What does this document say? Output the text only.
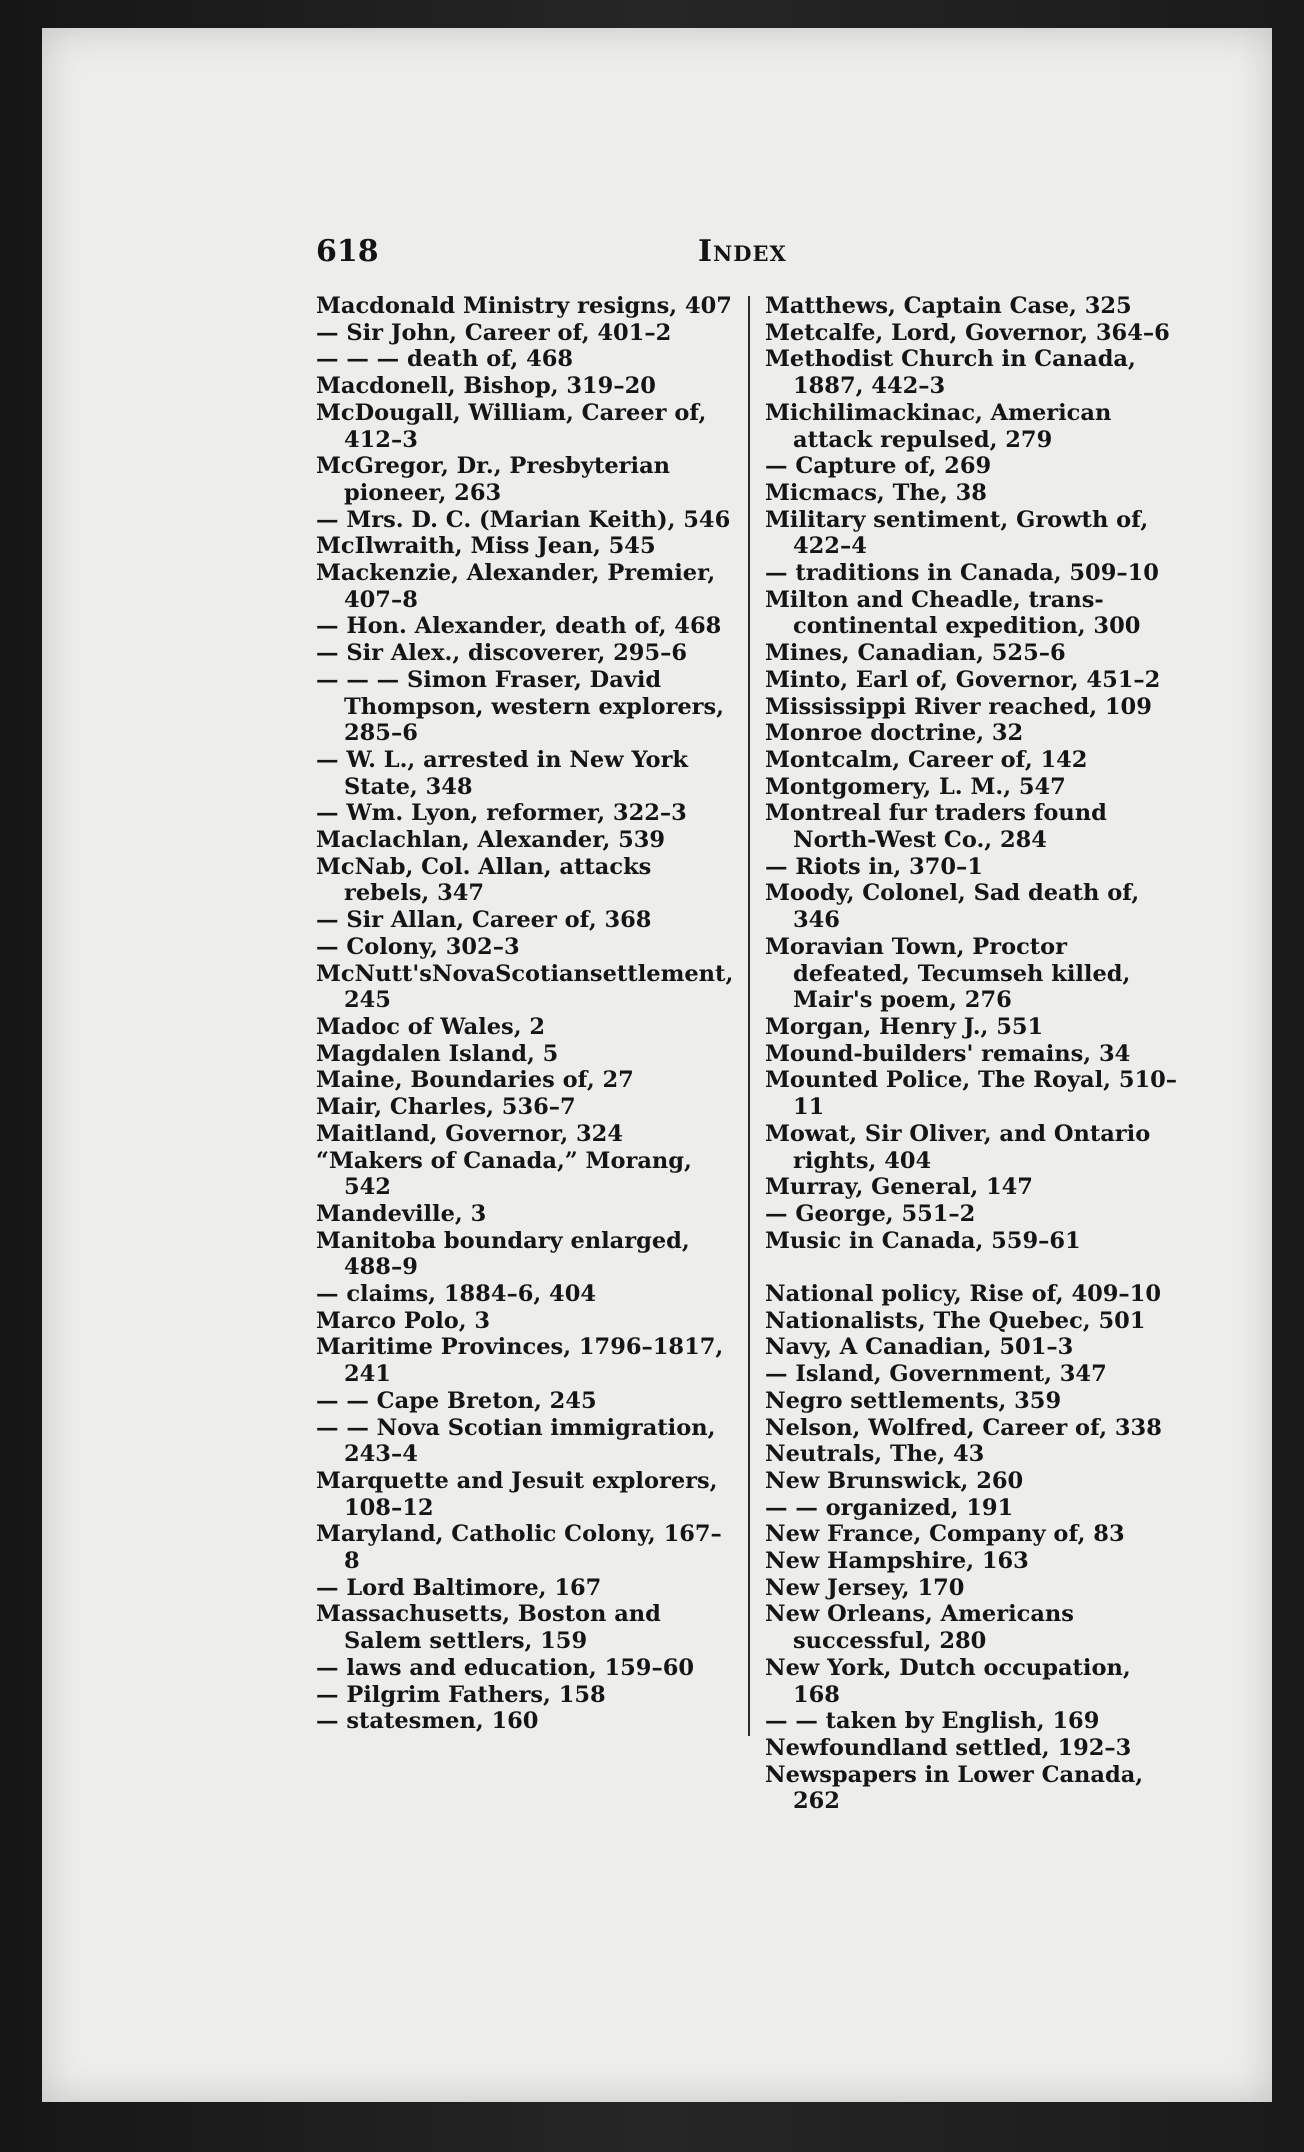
618	Index
Macdonald Ministry resigns, 407
— Sir John, Career of, 401–2
— — — death of, 468
Macdonell, Bishop, 319–20
McDougall, William, Career of, 412–3
McGregor, Dr., Presbyterian pioneer, 263
— Mrs. D. C. (Marian Keith), 546
McIlwraith, Miss Jean, 545
Mackenzie, Alexander, Premier, 407–8
— Hon. Alexander, death of, 468
— Sir Alex., discoverer, 295–6
— — — Simon Fraser, David Thompson, western explorers, 285–6
— W. L., arrested in New York State, 348
— Wm. Lyon, reformer, 322–3
Maclachlan, Alexander, 539
McNab, Col. Allan, attacks rebels, 347
— Sir Allan, Career of, 368
— Colony, 302–3
McNutt'sNovaScotiansettlement, 245
Madoc of Wales, 2
Magdalen Island, 5
Maine, Boundaries of, 27
Mair, Charles, 536–7
Maitland, Governor, 324
“Makers of Canada,” Morang, 542
Mandeville, 3
Manitoba boundary enlarged, 488–9
— claims, 1884–6, 404
Marco Polo, 3
Maritime Provinces, 1796–1817, 241
— — Cape Breton, 245
— — Nova Scotian immigration, 243–4
Marquette and Jesuit explorers, 108–12
Maryland, Catholic Colony, 167–8
— Lord Baltimore, 167
Massachusetts, Boston and Salem settlers, 159
— laws and education, 159–60
— Pilgrim Fathers, 158
— statesmen, 160
Matthews, Captain Case, 325
Metcalfe, Lord, Governor, 364–6
Methodist Church in Canada, 1887, 442–3
Michilimackinac, American attack repulsed, 279
— Capture of, 269
Micmacs, The, 38
Military sentiment, Growth of, 422–4
— traditions in Canada, 509–10
Milton and Cheadle, trans-continental expedition, 300
Mines, Canadian, 525–6
Minto, Earl of, Governor, 451–2
Mississippi River reached, 109
Monroe doctrine, 32
Montcalm, Career of, 142
Montgomery, L. M., 547
Montreal fur traders found North-West Co., 284
— Riots in, 370–1
Moody, Colonel, Sad death of, 346
Moravian Town, Proctor defeated, Tecumseh killed, Mair's poem, 276
Morgan, Henry J., 551
Mound-builders' remains, 34
Mounted Police, The Royal, 510–11
Mowat, Sir Oliver, and Ontario rights, 404
Murray, General, 147
— George, 551–2
Music in Canada, 559–61
National policy, Rise of, 409–10
Nationalists, The Quebec, 501
Navy, A Canadian, 501–3
— Island, Government, 347
Negro settlements, 359
Nelson, Wolfred, Career of, 338
Neutrals, The, 43
New Brunswick, 260
— — organized, 191
New France, Company of, 83
New Hampshire, 163
New Jersey, 170
New Orleans, Americans successful, 280
New York, Dutch occupation, 168
— — taken by English, 169
Newfoundland settled, 192–3
Newspapers in Lower Canada, 262
